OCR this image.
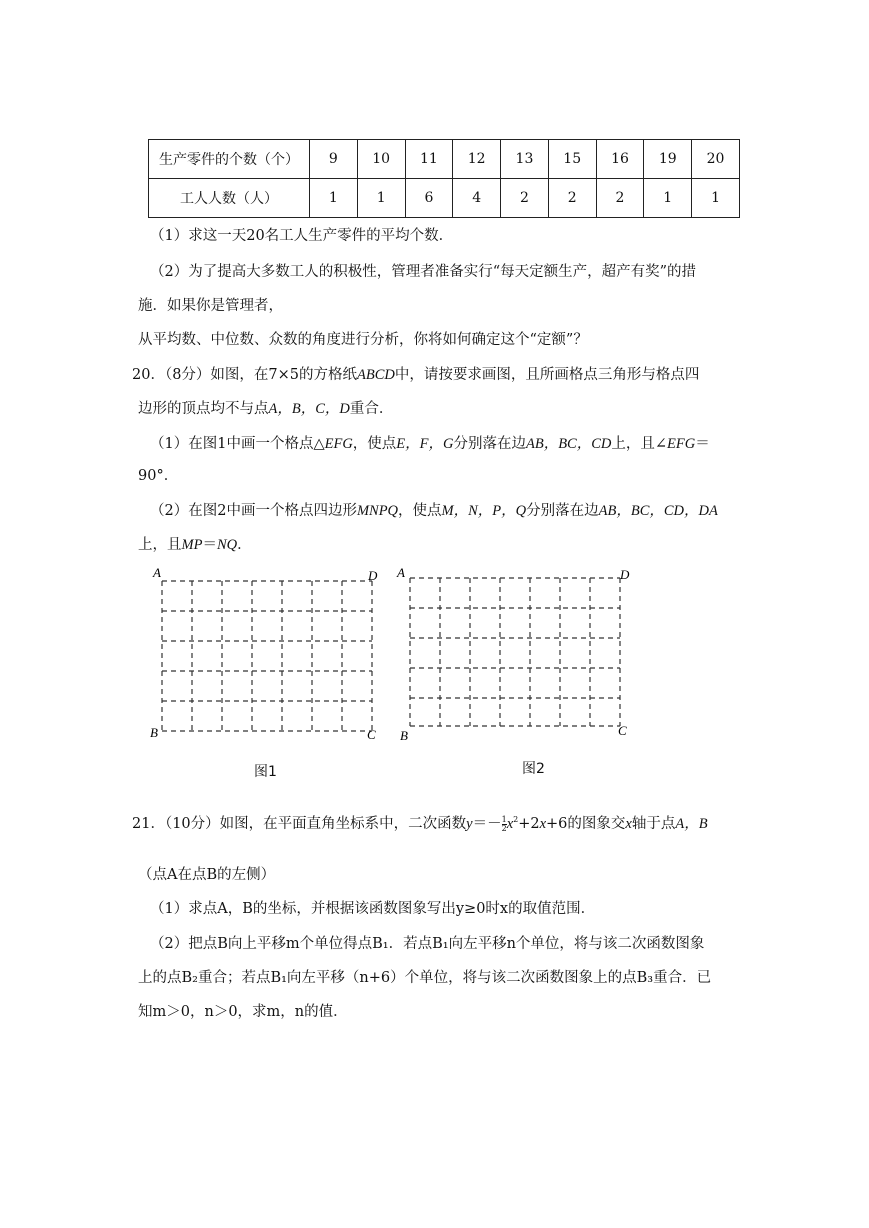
生产零件的个数（个）	9	10	11	12	13	15	16	19	20
工人人数（人）	1	1	6	4	2	2	2	1	1
（1）求这一天20名工人生产零件的平均个数．
（2）为了提高大多数工人的积极性，管理者准备实行“每天定额生产，超产有奖”的措
施．如果你是管理者，
从平均数、中位数、众数的角度进行分析，你将如何确定这个“定额”？
20．（8分）如图，在7×5的方格纸ABCD中，请按要求画图，且所画格点三角形与格点四
边形的顶点均不与点A，B，C，D重合．
（1）在图1中画一个格点△EFG，使点E，F，G分别落在边AB，BC，CD上，且∠EFG＝
90°．
（2）在图2中画一个格点四边形MNPQ，使点M，N，P，Q分别落在边AB，BC，CD，DA
上，且MP＝NQ．
A	D
B	C
图1
A	D
B	C
图2
21．（10分）如图，在平面直角坐标系中，二次函数$y=- \frac{1}{2} x^2+2x+6$的图象交x轴于点A，B
（点A在点B的左侧）
（1）求点A，B的坐标，并根据该函数图象写出y≥0时x的取值范围．
（2）把点B向上平移m个单位得点B₁．若点B₁向左平移n个单位，将与该二次函数图象
上的点B₂重合；若点B₁向左平移（n+6）个单位，将与该二次函数图象上的点B₃重合．已
知m＞0，n＞0，求m，n的值．
